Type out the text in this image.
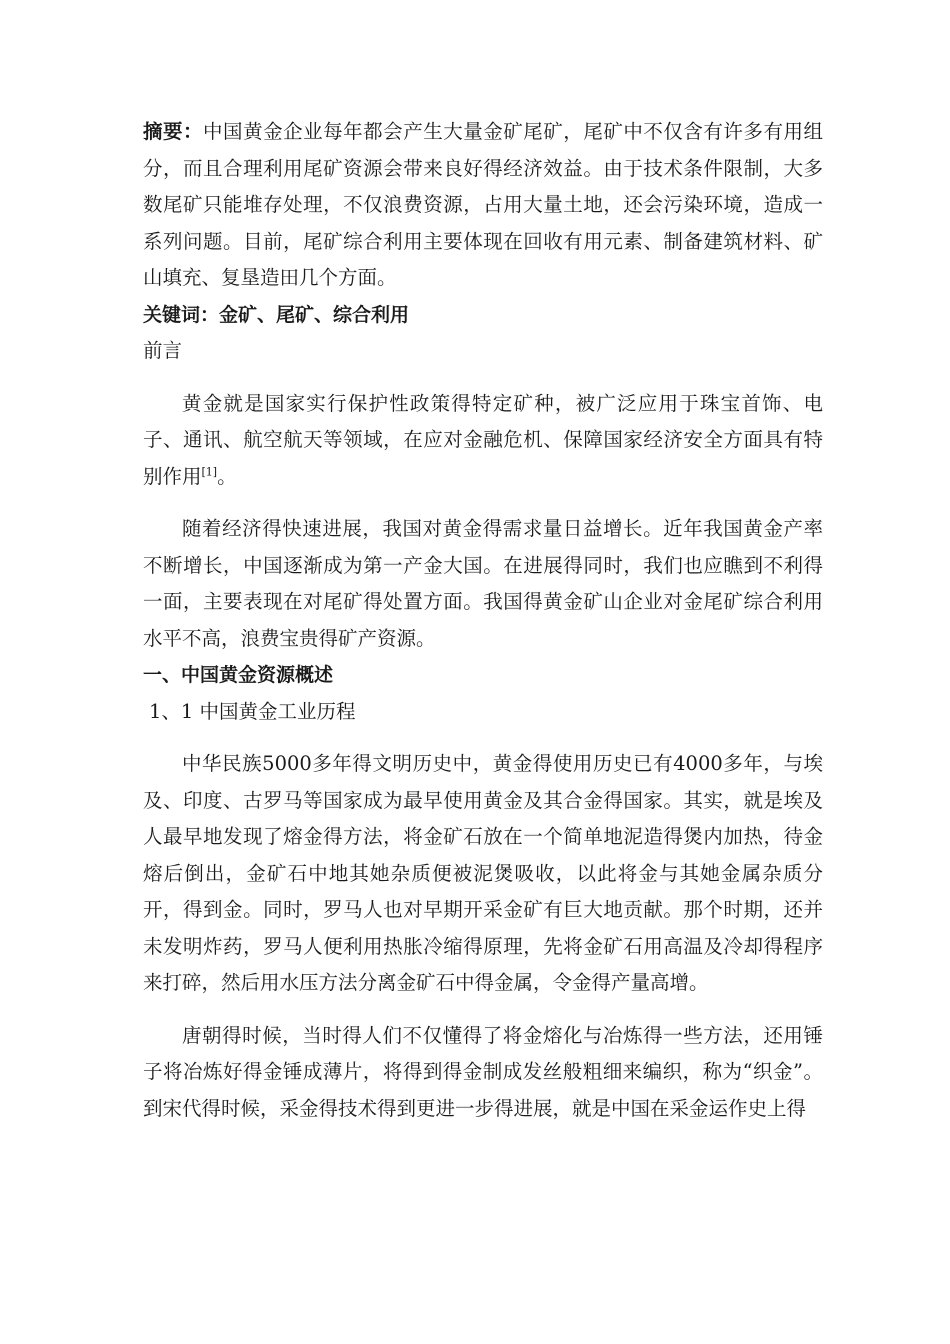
摘要：中国黄金企业每年都会产生大量金矿尾矿，尾矿中不仅含有许多有用组分，而且合理利用尾矿资源会带来良好得经济效益。由于技术条件限制，大多数尾矿只能堆存处理，不仅浪费资源，占用大量土地，还会污染环境，造成一系列问题。目前，尾矿综合利用主要体现在回收有用元素、制备建筑材料、矿山填充、复垦造田几个方面。

关键词：金矿、尾矿、综合利用

前言

黄金就是国家实行保护性政策得特定矿种，被广泛应用于珠宝首饰、电子、通讯、航空航天等领域，在应对金融危机、保障国家经济安全方面具有特别作用[1]。

随着经济得快速进展，我国对黄金得需求量日益增长。近年我国黄金产率不断增长，中国逐渐成为第一产金大国。在进展得同时，我们也应瞧到不利得一面，主要表现在对尾矿得处置方面。我国得黄金矿山企业对金尾矿综合利用水平不高，浪费宝贵得矿产资源。

一、中国黄金资源概述

1、1 中国黄金工业历程

中华民族5000多年得文明历史中，黄金得使用历史已有4000多年，与埃及、印度、古罗马等国家成为最早使用黄金及其合金得国家。其实，就是埃及人最早地发现了熔金得方法，将金矿石放在一个简单地泥造得煲内加热，待金熔后倒出，金矿石中地其她杂质便被泥煲吸收，以此将金与其她金属杂质分开，得到金。同时，罗马人也对早期开采金矿有巨大地贡献。那个时期，还并未发明炸药，罗马人便利用热胀冷缩得原理，先将金矿石用高温及冷却得程序来打碎，然后用水压方法分离金矿石中得金属，令金得产量高增。

唐朝得时候，当时得人们不仅懂得了将金熔化与冶炼得一些方法，还用锤子将冶炼好得金锤成薄片，将得到得金制成发丝般粗细来编织，称为“织金”。到宋代得时候，采金得技术得到更进一步得进展，就是中国在采金运作史上得
